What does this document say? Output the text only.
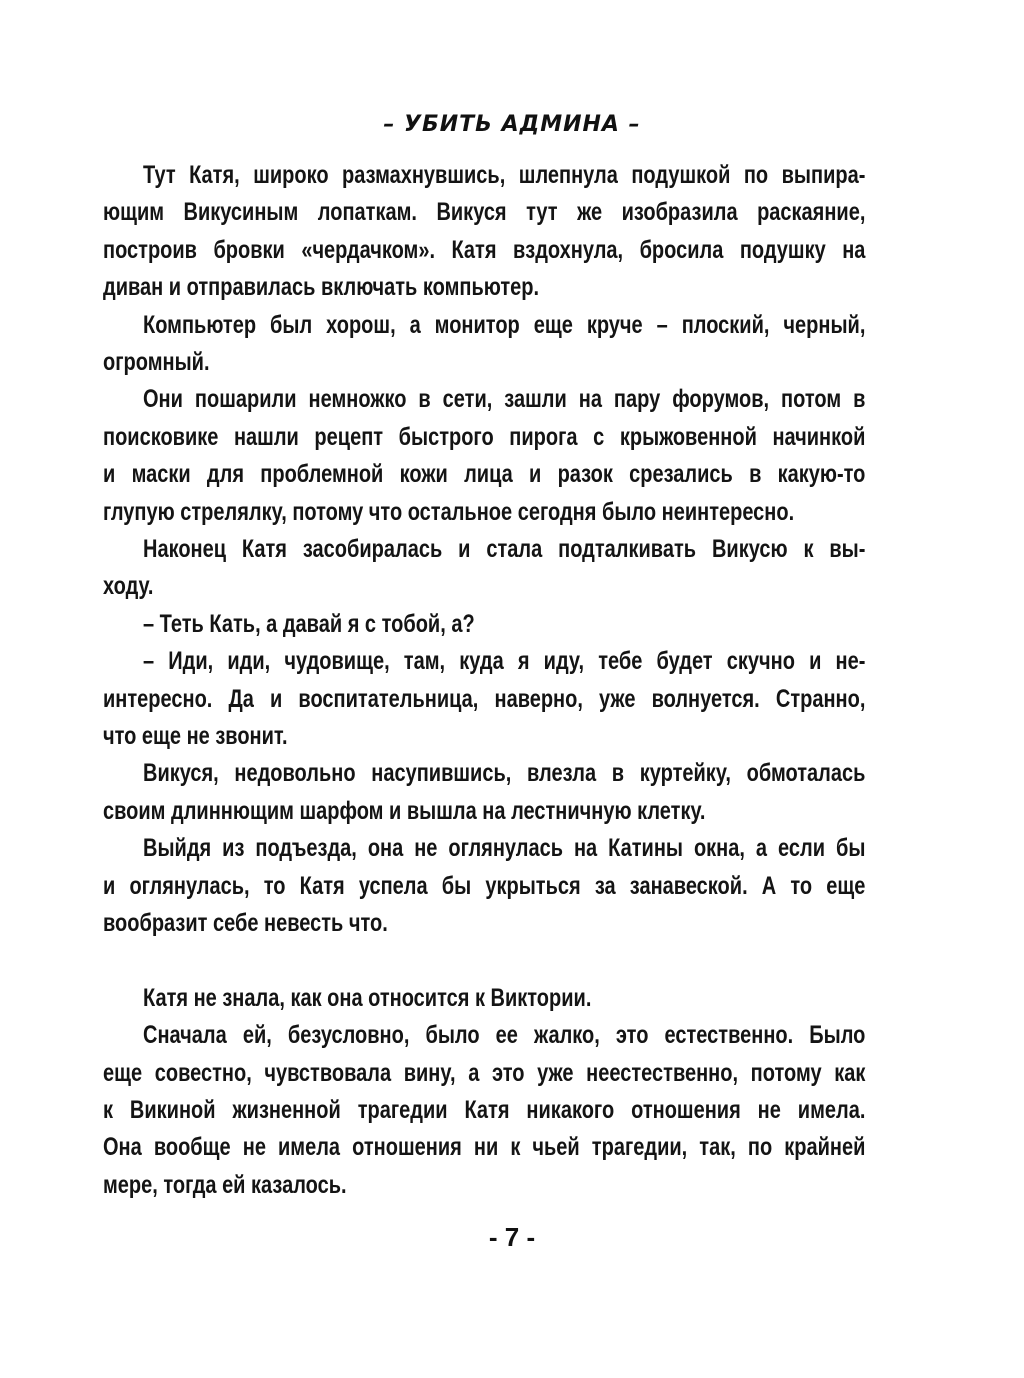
– УБИТЬ АДМИНА –
Тут Катя, широко размахнувшись, шлепнула подушкой по выпира-
ющим Викусиным лопаткам. Викуся тут же изобразила раскаяние,
построив бровки «чердачком». Катя вздохнула, бросила подушку на
диван и отправилась включать компьютер.
Компьютер был хорош, а монитор еще круче – плоский, черный,
огромный.
Они пошарили немножко в сети, зашли на пару форумов, потом в
поисковике нашли рецепт быстрого пирога с крыжовенной начинкой
и маски для проблемной кожи лица и разок срезались в какую-то
глупую стрелялку, потому что остальное сегодня было неинтересно.
Наконец Катя засобиралась и стала подталкивать Викусю к вы-
ходу.
– Теть Кать, а давай я с тобой, а?
– Иди, иди, чудовище, там, куда я иду, тебе будет скучно и не-
интересно. Да и воспитательница, наверно, уже волнуется. Странно,
что еще не звонит.
Викуся, недовольно насупившись, влезла в куртейку, обмоталась
своим длиннющим шарфом и вышла на лестничную клетку.
Выйдя из подъезда, она не оглянулась на Катины окна, а если бы
и оглянулась, то Катя успела бы укрыться за занавеской. А то еще
вообразит себе невесть что.
Катя не знала, как она относится к Виктории.
Сначала ей, безусловно, было ее жалко, это естественно. Было
еще совестно, чувствовала вину, а это уже неестественно, потому как
к Викиной жизненной трагедии Катя никакого отношения не имела.
Она вообще не имела отношения ни к чьей трагедии, так, по крайней
мере, тогда ей казалось.
- 7 -
